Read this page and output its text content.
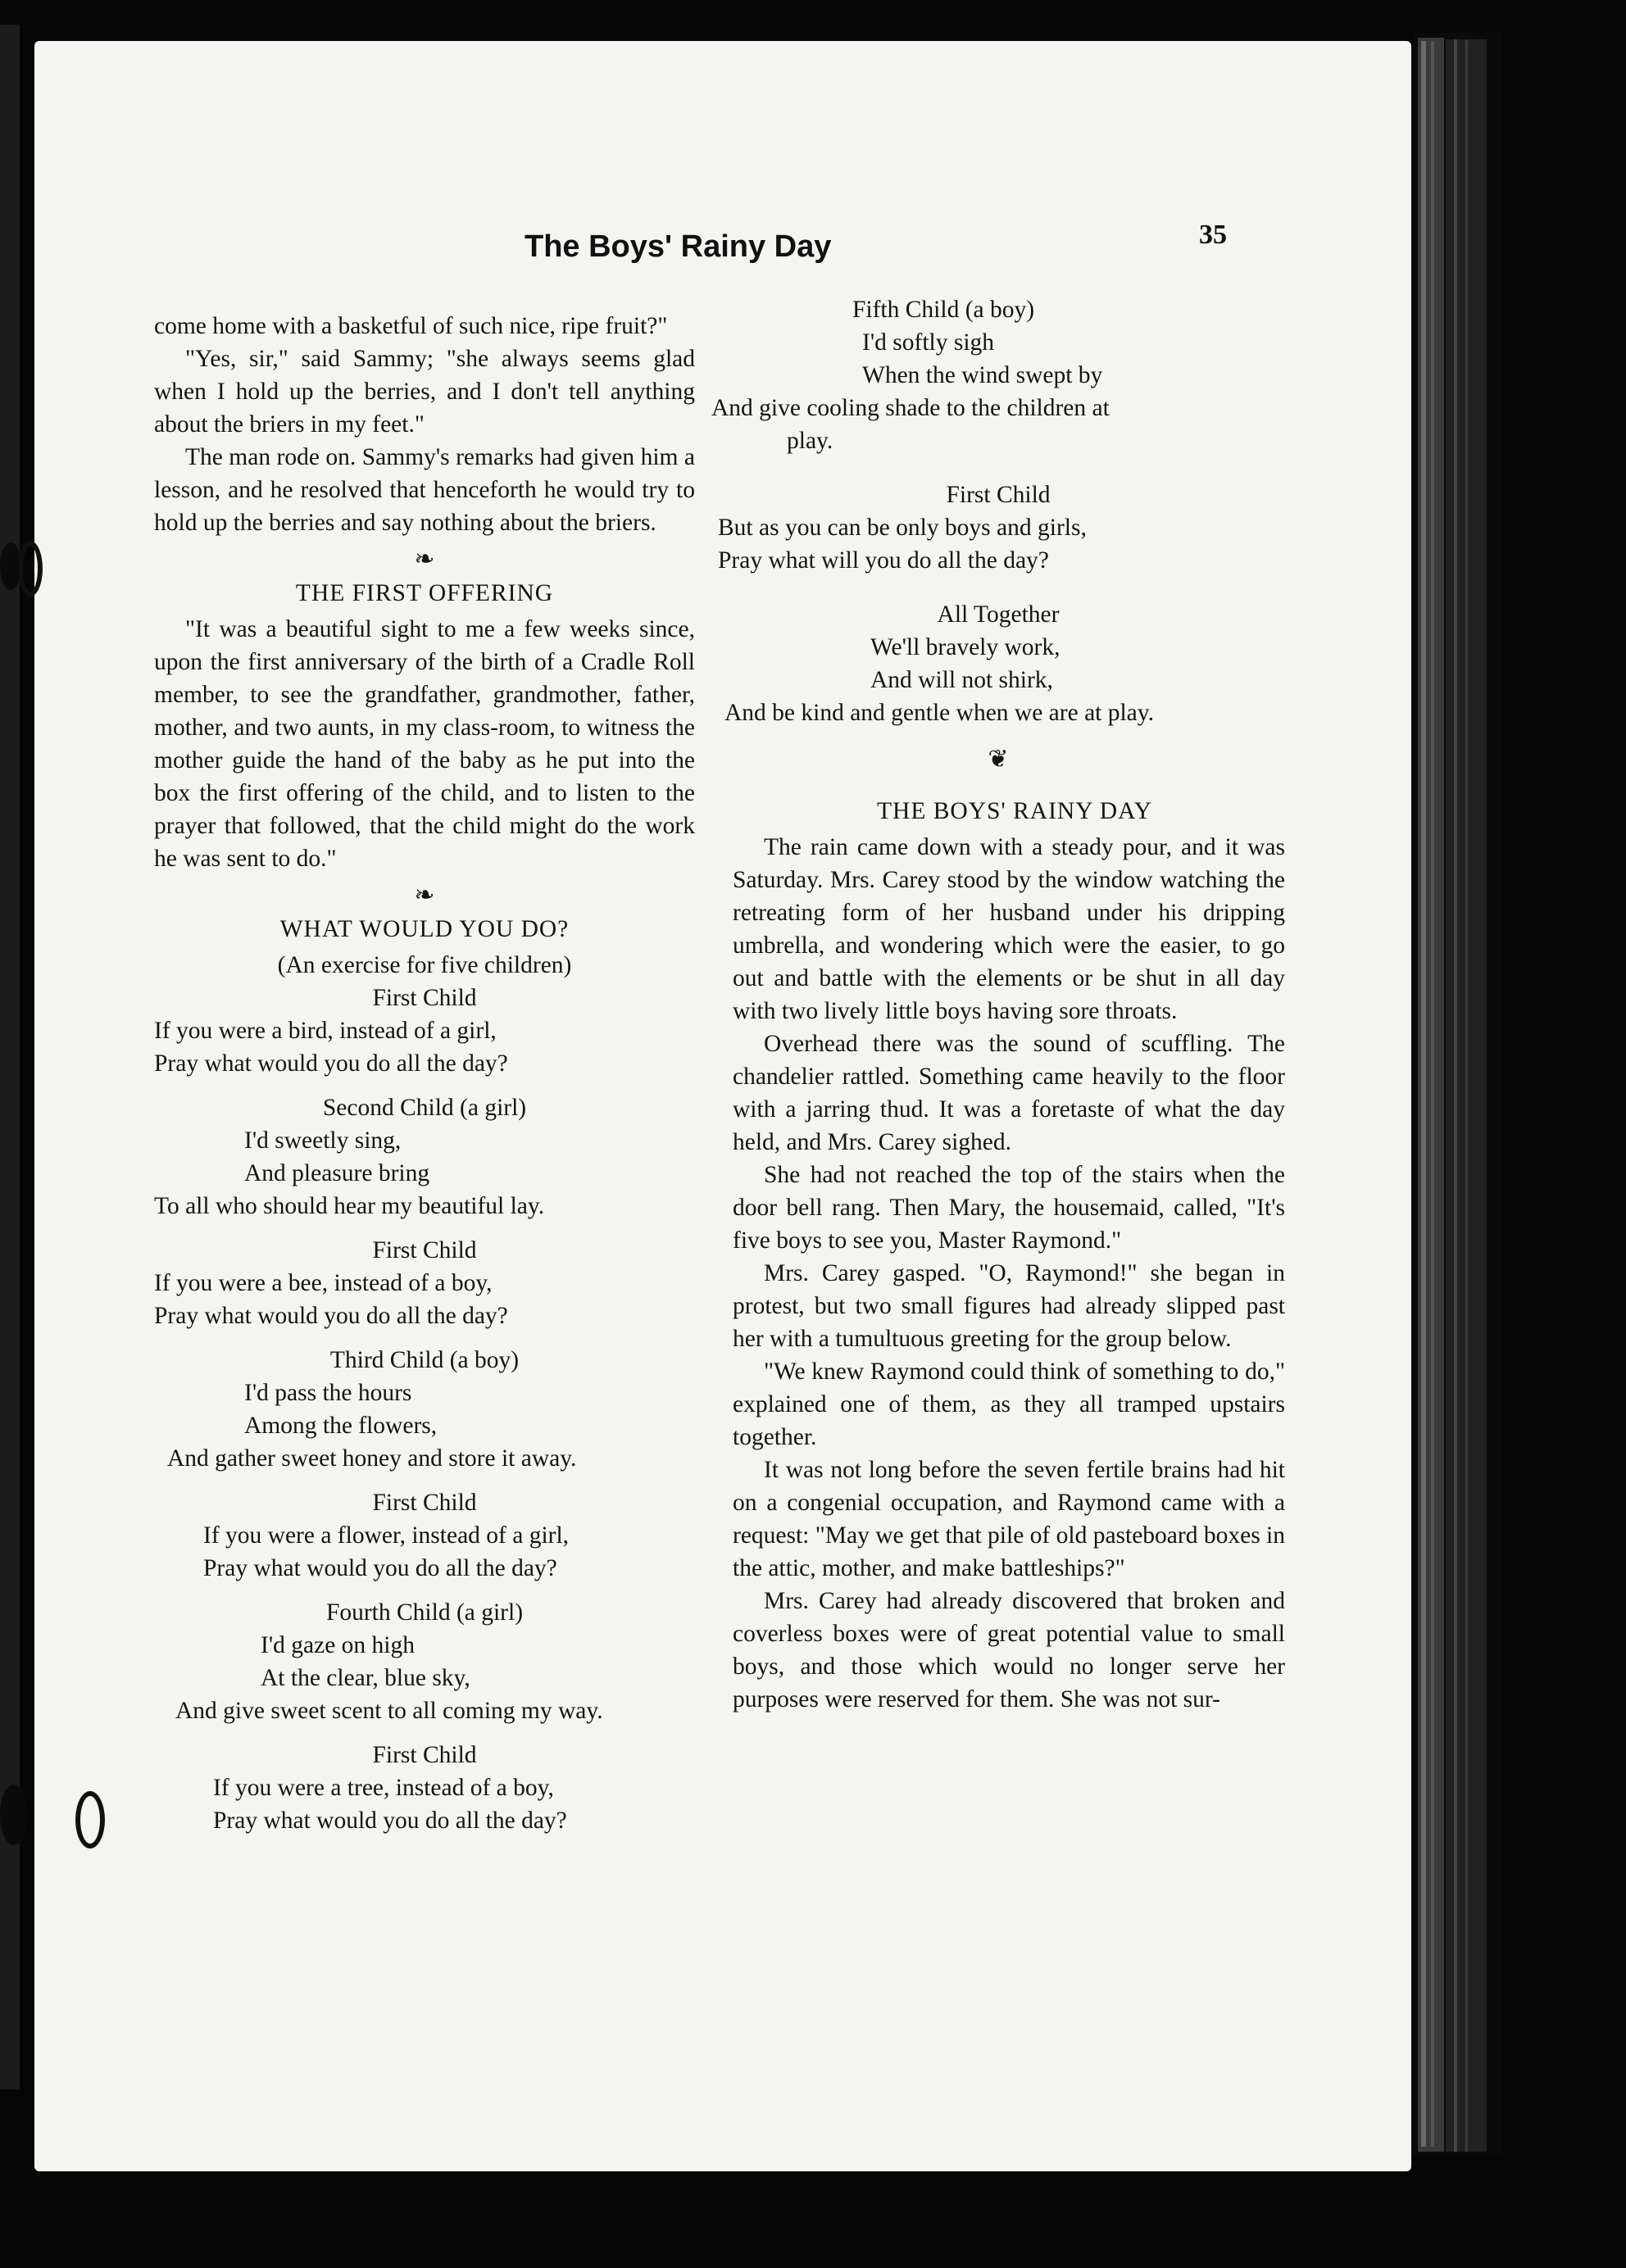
The Boys' Rainy Day	35

come home with a basketful of such nice, ripe fruit?"

"Yes, sir," said Sammy; "she always seems glad when I hold up the berries, and I don't tell anything about the briers in my feet."

The man rode on. Sammy's remarks had given him a lesson, and he resolved that henceforth he would try to hold up the berries and say nothing about the briers.

❧

THE FIRST OFFERING

"It was a beautiful sight to me a few weeks since, upon the first anniversary of the birth of a Cradle Roll member, to see the grandfather, grandmother, father, mother, and two aunts, in my class-room, to witness the mother guide the hand of the baby as he put into the box the first offering of the child, and to listen to the prayer that followed, that the child might do the work he was sent to do."

❧

WHAT WOULD YOU DO?

(An exercise for five children)

First Child

If you were a bird, instead of a girl,
Pray what would you do all the day?

Second Child (a girl)

I'd sweetly sing,
And pleasure bring
To all who should hear my beautiful lay.

First Child

If you were a bee, instead of a boy,
Pray what would you do all the day?

Third Child (a boy)

I'd pass the hours
Among the flowers,
And gather sweet honey and store it away.

First Child

If you were a flower, instead of a girl,
Pray what would you do all the day?

Fourth Child (a girl)

I'd gaze on high
At the clear, blue sky,
And give sweet scent to all coming my way.

First Child

If you were a tree, instead of a boy,
Pray what would you do all the day?

Fifth Child (a boy)

I'd softly sigh
When the wind swept by
And give cooling shade to the children at
play.

First Child

But as you can be only boys and girls,
Pray what will you do all the day?

All Together

We'll bravely work,
And will not shirk,
And be kind and gentle when we are at play.

❦

THE BOYS' RAINY DAY

The rain came down with a steady pour, and it was Saturday. Mrs. Carey stood by the window watching the retreating form of her husband under his dripping umbrella, and wondering which were the easier, to go out and battle with the elements or be shut in all day with two lively little boys having sore throats.

Overhead there was the sound of scuffling. The chandelier rattled. Something came heavily to the floor with a jarring thud. It was a foretaste of what the day held, and Mrs. Carey sighed.

She had not reached the top of the stairs when the door bell rang. Then Mary, the housemaid, called, "It's five boys to see you, Master Raymond."

Mrs. Carey gasped. "O, Raymond!" she began in protest, but two small figures had already slipped past her with a tumultuous greeting for the group below.

"We knew Raymond could think of something to do," explained one of them, as they all tramped upstairs together.

It was not long before the seven fertile brains had hit on a congenial occupation, and Raymond came with a request: "May we get that pile of old pasteboard boxes in the attic, mother, and make battleships?"

Mrs. Carey had already discovered that broken and coverless boxes were of great potential value to small boys, and those which would no longer serve her purposes were reserved for them. She was not sur-
